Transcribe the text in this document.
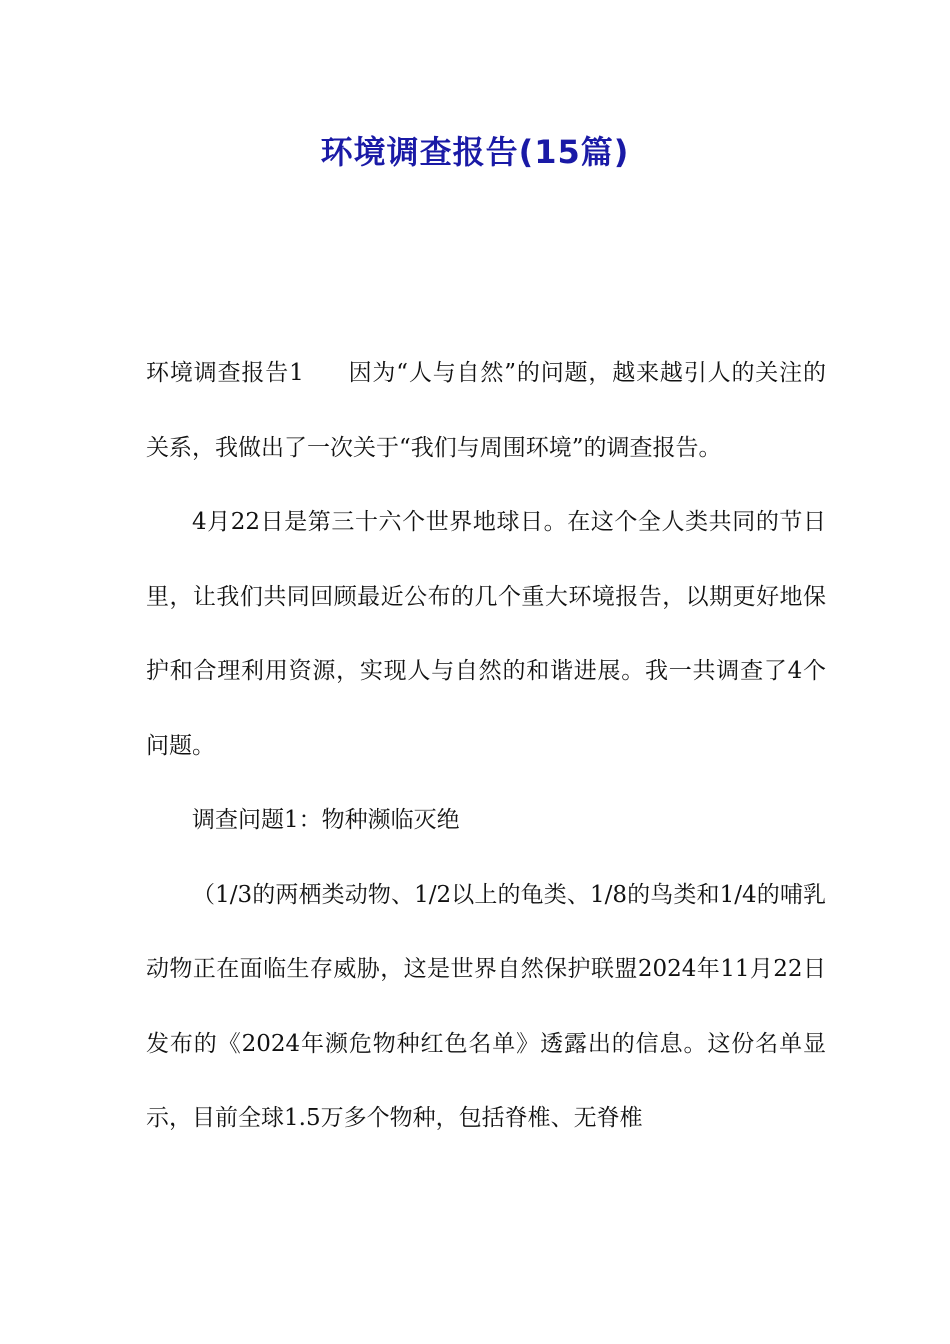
环境调查报告(15篇)

环境调查报告1 因为“人与自然”的问题，越来越引人的关注的关系，我做出了一次关于“我们与周围环境”的调查报告。

4月22日是第三十六个世界地球日。在这个全人类共同的节日里，让我们共同回顾最近公布的几个重大环境报告，以期更好地保护和合理利用资源，实现人与自然的和谐进展。我一共调查了4个问题。

调查问题1：物种濒临灭绝

（1/3的两栖类动物、1/2以上的龟类、1/8的鸟类和1/4的哺乳动物正在面临生存威胁，这是世界自然保护联盟2024年11月22日发布的《2024年濒危物种红色名单》透露出的信息。这份名单显示，目前全球1.5万多个物种，包括脊椎、无脊椎
